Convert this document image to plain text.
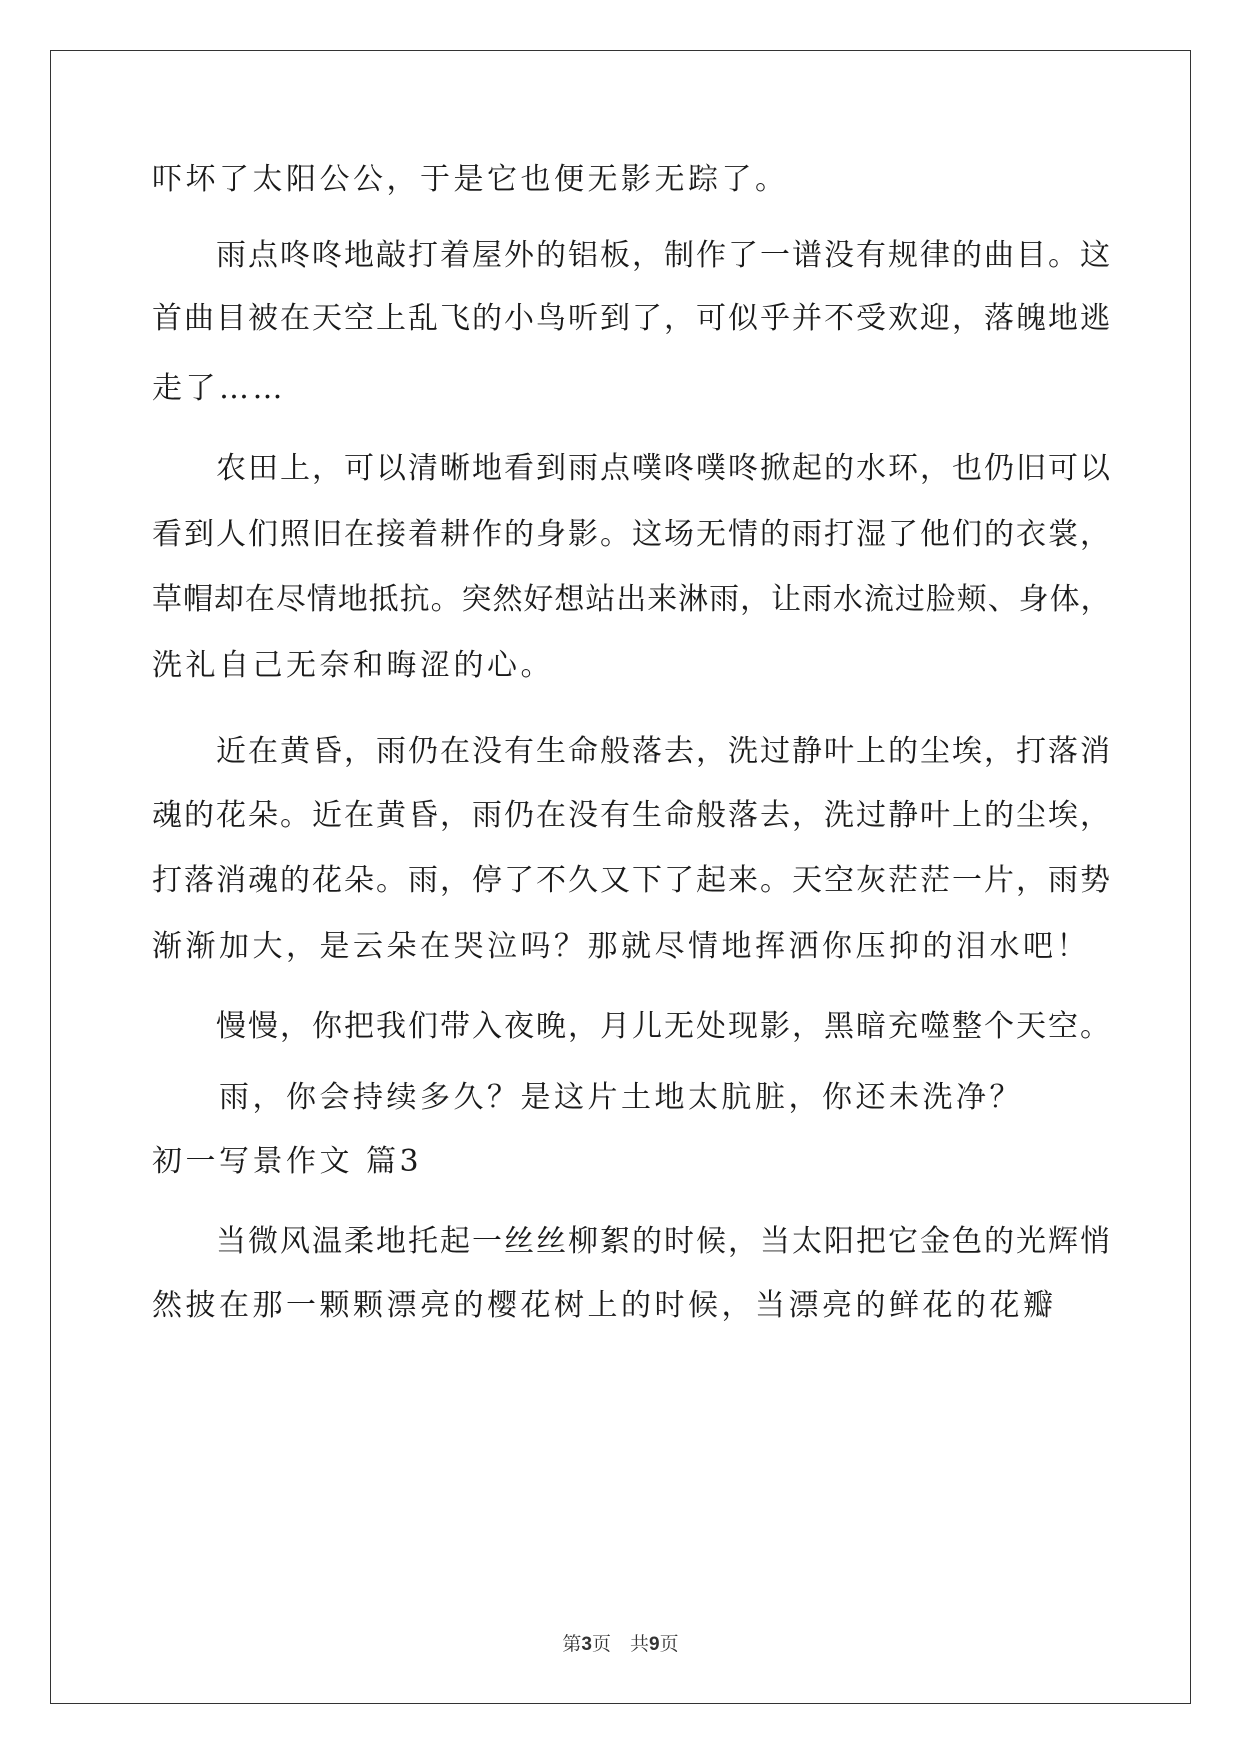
吓坏了太阳公公，于是它也便无影无踪了。
　　雨点咚咚地敲打着屋外的铝板，制作了一谱没有规律的曲目。这
首曲目被在天空上乱飞的小鸟听到了，可似乎并不受欢迎，落魄地逃
走了……
　　农田上，可以清晰地看到雨点噗咚噗咚掀起的水环，也仍旧可以
看到人们照旧在接着耕作的身影。这场无情的雨打湿了他们的衣裳，
草帽却在尽情地抵抗。突然好想站出来淋雨，让雨水流过脸颊、身体，
洗礼自己无奈和晦涩的心。
　　近在黄昏，雨仍在没有生命般落去，洗过静叶上的尘埃，打落消
魂的花朵。近在黄昏，雨仍在没有生命般落去，洗过静叶上的尘埃，
打落消魂的花朵。雨，停了不久又下了起来。天空灰茫茫一片，雨势
渐渐加大，是云朵在哭泣吗？那就尽情地挥洒你压抑的泪水吧！
　　慢慢，你把我们带入夜晚，月儿无处现影，黑暗充噬整个天空。
　　雨，你会持续多久？是这片土地太肮脏，你还未洗净？
初一写景作文 篇3
　　当微风温柔地托起一丝丝柳絮的时候，当太阳把它金色的光辉悄
然披在那一颗颗漂亮的樱花树上的时候，当漂亮的鲜花的花瓣
第3页　共9页
